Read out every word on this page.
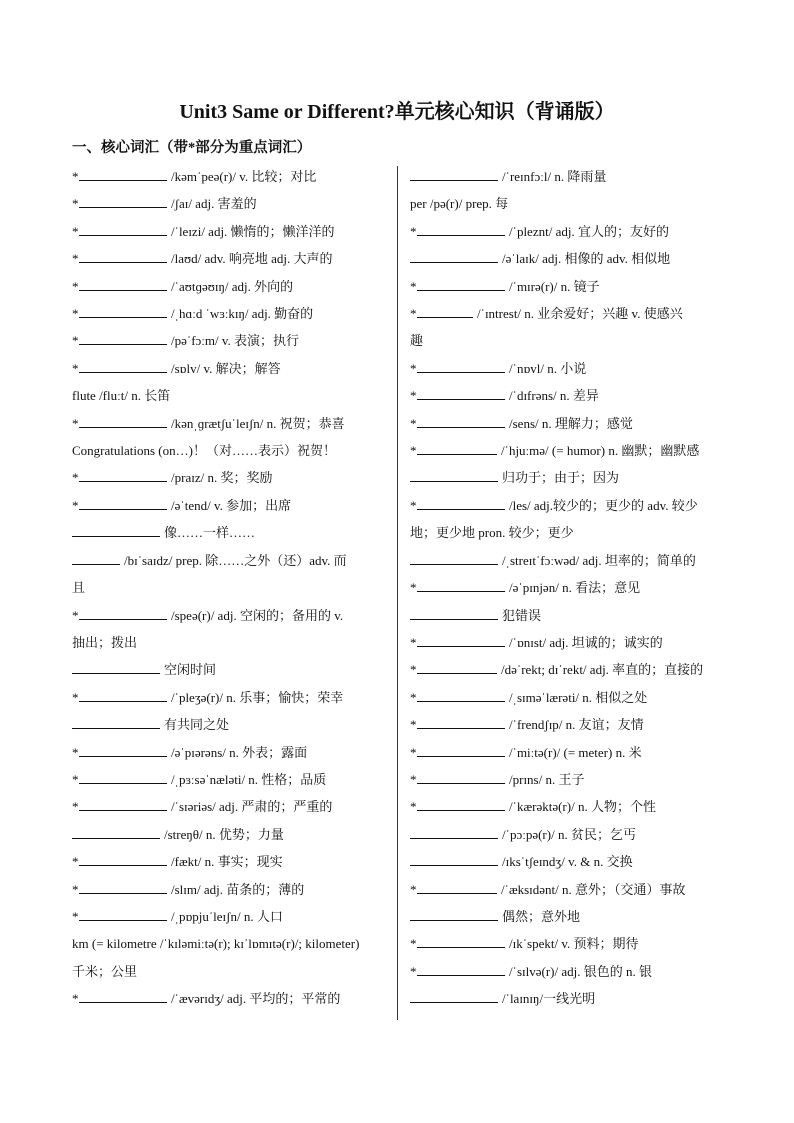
Unit3 Same or Different?单元核心知识（背诵版）
一、核心词汇（带*部分为重点词汇）
*	/kəmˈpeə(r)/ v. 比较；对比
*	/ʃaɪ/ adj. 害羞的
*	/ˈleɪzi/ adj. 懒惰的；懒洋洋的
*	/laʊd/ adv. 响亮地 adj. 大声的
*	/ˈaʊtɡəʊɪŋ/ adj. 外向的
*	/ˌhɑːd ˈwɜːkɪŋ/ adj. 勤奋的
*	/pəˈfɔːm/ v. 表演；执行
*	/sɒlv/ v. 解决；解答
flute /fluːt/ n. 长笛
*	/kənˌɡrætʃuˈleɪʃn/ n. 祝贺；恭喜
Congratulations (on…)！（对……表示）祝贺！
*	/praɪz/ n. 奖；奖励
*	/əˈtend/ v. 参加；出席
像……一样……
/bɪˈsaɪdz/ prep. 除……之外（还）adv. 而
且
*	/speə(r)/ adj. 空闲的；备用的 v.
抽出；拨出
空闲时间
*	/ˈpleʒə(r)/ n. 乐事；愉快；荣幸
有共同之处
*	/əˈpɪərəns/ n. 外表；露面
*	/ˌpɜːsəˈnæləti/ n. 性格；品质
*	/ˈsɪəriəs/ adj. 严肃的；严重的
/streŋθ/ n. 优势；力量
*	/fækt/ n. 事实；现实
*	/slɪm/ adj. 苗条的；薄的
*	/ˌpɒpjuˈleɪʃn/ n. 人口
km (= kilometre /ˈkɪləmiːtə(r); kɪˈlɒmɪtə(r)/; kilometer)
千米；公里
*	/ˈævərɪdʒ/ adj. 平均的；平常的
/ˈreɪnfɔːl/ n. 降雨量
per /pə(r)/ prep. 每
*	/ˈpleznt/ adj. 宜人的；友好的
/əˈlaɪk/ adj. 相像的 adv. 相似地
*	/ˈmɪrə(r)/ n. 镜子
*	/ˈɪntrest/ n. 业余爱好；兴趣 v. 使感兴
趣
*	/ˈnɒvl/ n. 小说
*	/ˈdɪfrəns/ n. 差异
*	/sens/ n. 理解力；感觉
*	/ˈhjuːmə/ (= humor) n. 幽默；幽默感
归功于；由于；因为
*	/les/ adj.较少的；更少的 adv. 较少
地；更少地 pron. 较少；更少
/ˌstreɪtˈfɔːwəd/ adj. 坦率的；简单的
*	/əˈpɪnjən/ n. 看法；意见
犯错误
*	/ˈɒnɪst/ adj. 坦诚的；诚实的
*	/dəˈrekt; dɪˈrekt/ adj. 率直的；直接的
*	/ˌsɪməˈlærəti/ n. 相似之处
*	/ˈfrendʃɪp/ n. 友谊；友情
*	/ˈmiːtə(r)/ (= meter) n. 米
*	/prɪns/ n. 王子
*	/ˈkærəktə(r)/ n. 人物；个性
/ˈpɔːpə(r)/ n. 贫民；乞丐
/ɪksˈtʃeɪndʒ/ v. & n. 交换
*	/ˈæksɪdənt/ n. 意外；（交通）事故
偶然；意外地
*	/ɪkˈspekt/ v. 预料；期待
*	/ˈsɪlvə(r)/ adj. 银色的 n. 银
/ˈlaɪnɪŋ/一线光明
